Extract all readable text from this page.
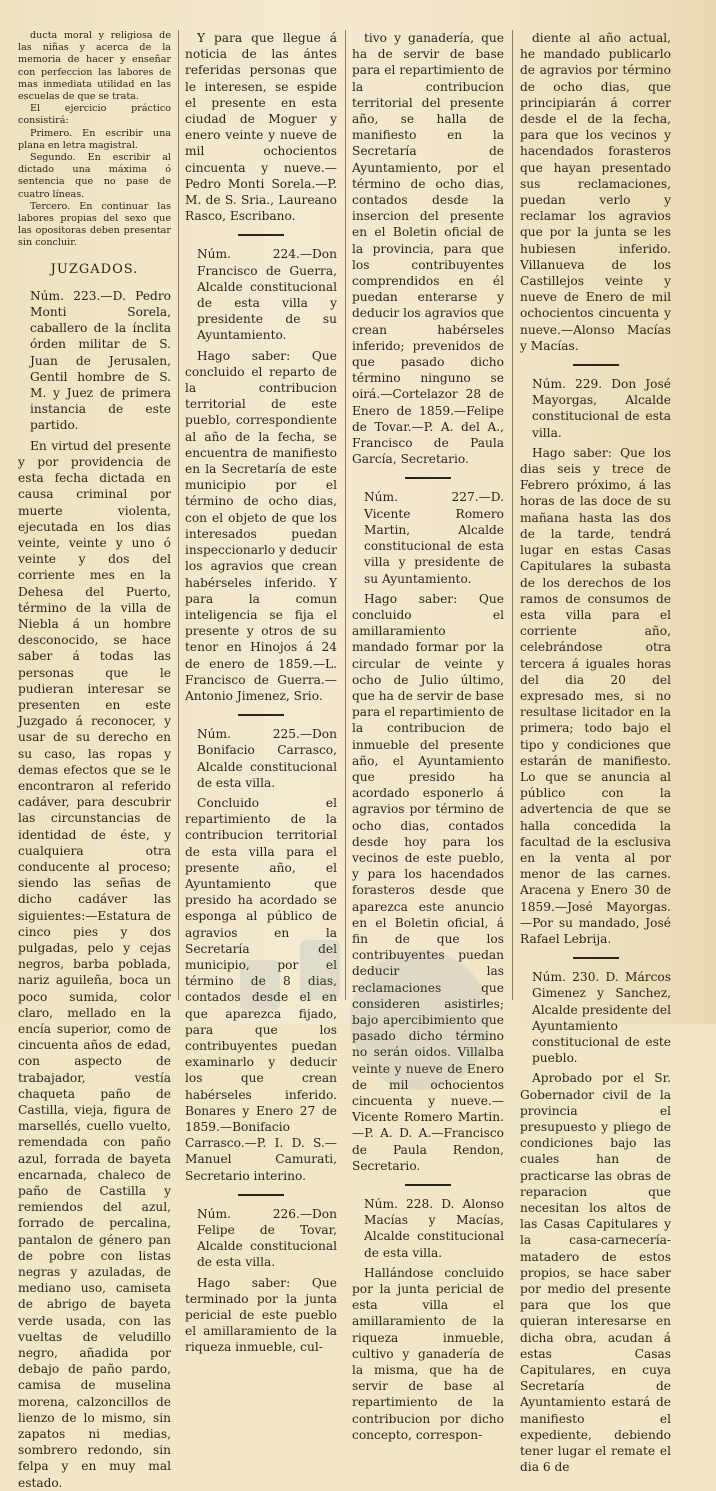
ducta moral y religiosa de las niñas y acerca de la memoria de hacer y enseñar con perfeccion las labores de mas inmediata utilidad en las escuelas de que se trata.

El ejercicio práctico consistirá:

Primero. En escribir una plana en letra magistral.

Segundo. En escribir al dictado una máxima ó sentencia que no pase de cuatro líneas.

Tercero. En continuar las labores propias del sexo que las opositoras deben presentar sin concluir.

JUZGADOS.

Núm. 223.—D. Pedro Monti Sorela, caballero de la ínclita órden militar de S. Juan de Jerusalen, Gentil hombre de S. M. y Juez de primera instancia de este partido.

En virtud del presente y por providencia de esta fecha dictada en causa criminal por muerte violenta, ejecutada en los dias veinte, veinte y uno ó veinte y dos del corriente mes en la Dehesa del Puerto, término de la villa de Niebla á un hombre desconocido, se hace saber á todas las personas que le pudieran interesar se presenten en este Juzgado á reconocer, y usar de su derecho en su caso, las ropas y demas efectos que se le encontraron al referido cadáver, para descubrir las circunstancias de identidad de éste, y cualquiera otra conducente al proceso; siendo las señas de dicho cadáver las siguientes:—Estatura de cinco pies y dos pulgadas, pelo y cejas negros, barba poblada, nariz aguileña, boca un poco sumida, color claro, mellado en la encía superior, como de cincuenta años de edad, con aspecto de trabajador, vestía chaqueta paño de Castilla, vieja, figura de marsellés, cuello vuelto, remendada con paño azul, forrada de bayeta encarnada, chaleco de paño de Castilla y remiendos del azul, forrado de percalina, pantalon de género pan de pobre con listas negras y azuladas, de mediano uso, camiseta de abrigo de bayeta verde usada, con las vueltas de veludillo negro, añadida por debajo de paño pardo, camisa de muselina morena, calzoncillos de lienzo de lo mismo, sin zapatos ni medias, sombrero redondo, sin felpa y en muy mal estado.

Y para que llegue á noticia de las ántes referidas personas que le interesen, se espide el presente en esta ciudad de Moguer y enero veinte y nueve de mil ochocientos cincuenta y nueve.—Pedro Monti Sorela.—P. M. de S. Sria., Laureano Rasco, Escribano.

Núm. 224.—Don Francisco de Guerra, Alcalde constitucional de esta villa y presidente de su Ayuntamiento.

Hago saber: Que concluido el reparto de la contribucion territorial de este pueblo, correspondiente al año de la fecha, se encuentra de manifiesto en la Secretaría de este municipio por el término de ocho dias, con el objeto de que los interesados puedan inspeccionarlo y deducir los agravios que crean habérseles inferido. Y para la comun inteligencia se fija el presente y otros de su tenor en Hinojos á 24 de enero de 1859.—L. Francisco de Guerra.—Antonio Jimenez, Srio.

Núm. 225.—Don Bonifacio Carrasco, Alcalde constitucional de esta villa.

Concluido el repartimiento de la contribucion territorial de esta villa para el presente año, el Ayuntamiento que presido ha acordado se esponga al público de agravios en la Secretaría del municipio, por el término de 8 dias, contados desde el en que aparezca fijado, para que los contribuyentes puedan examinarlo y deducir los que crean habérseles inferido. Bonares y Enero 27 de 1859.—Bonifacio Carrasco.—P. I. D. S.—Manuel Camurati, Secretario interino.

Núm. 226.—Don Felipe de Tovar, Alcalde constitucional de esta villa.

Hago saber: Que terminado por la junta pericial de este pueblo el amillaramiento de la riqueza inmueble, cul-

tivo y ganadería, que ha de servir de base para el repartimiento de la contribucion territorial del presente año, se halla de manifiesto en la Secretaría de Ayuntamiento, por el término de ocho dias, contados desde la insercion del presente en el Boletin oficial de la provincia, para que los contribuyentes comprendidos en él puedan enterarse y deducir los agravios que crean habérseles inferido; prevenidos de que pasado dicho término ninguno se oirá.—Cortelazor 28 de Enero de 1859.—Felipe de Tovar.—P. A. del A., Francisco de Paula García, Secretario.

Núm. 227.—D. Vicente Romero Martin, Alcalde constitucional de esta villa y presidente de su Ayuntamiento.

Hago saber: Que concluido el amillaramiento mandado formar por la circular de veinte y ocho de Julio último, que ha de servir de base para el repartimiento de la contribucion de inmueble del presente año, el Ayuntamiento que presido ha acordado esponerlo á agravios por término de ocho dias, contados desde hoy para los vecinos de este pueblo, y para los hacendados forasteros desde que aparezca este anuncio en el Boletin oficial, á fin de que los contribuyentes puedan deducir las reclamaciones que consideren asistirles; bajo apercibimiento que pasado dicho término no serán oidos. Villalba veinte y nueve de Enero de mil ochocientos cincuenta y nueve.—Vicente Romero Martin.—P. A. D. A.—Francisco de Paula Rendon, Secretario.

Núm. 228. D. Alonso Macías y Macías, Alcalde constitucional de esta villa.

Hallándose concluido por la junta pericial de esta villa el amillaramiento de la riqueza inmueble, cultivo y ganadería de la misma, que ha de servir de base al repartimiento de la contribucion por dicho concepto, correspon-

diente al año actual, he mandado publicarlo de agravios por término de ocho dias, que principiarán á correr desde el de la fecha, para que los vecinos y hacendados forasteros que hayan presentado sus reclamaciones, puedan verlo y reclamar los agravios que por la junta se les hubiesen inferido. Villanueva de los Castillejos veinte y nueve de Enero de mil ochocientos cincuenta y nueve.—Alonso Macías y Macías.

Núm. 229. Don José Mayorgas, Alcalde constitucional de esta villa.

Hago saber: Que los dias seis y trece de Febrero próximo, á las horas de las doce de su mañana hasta las dos de la tarde, tendrá lugar en estas Casas Capitulares la subasta de los derechos de los ramos de consumos de esta villa para el corriente año, celebrándose otra tercera á iguales horas del dia 20 del expresado mes, si no resultase licitador en la primera; todo bajo el tipo y condiciones que estarán de manifiesto. Lo que se anuncia al público con la advertencia de que se halla concedida la facultad de la esclusiva en la venta al por menor de las carnes. Aracena y Enero 30 de 1859.—José Mayorgas.—Por su mandado, José Rafael Lebrija.

Núm. 230. D. Márcos Gimenez y Sanchez, Alcalde presidente del Ayuntamiento constitucional de este pueblo.

Aprobado por el Sr. Gobernador civil de la provincia el presupuesto y pliego de condiciones bajo las cuales han de practicarse las obras de reparacion que necesitan los altos de las Casas Capitulares y la casa-carnecería-matadero de estos propios, se hace saber por medio del presente para que los que quieran interesarse en dicha obra, acudan á estas Casas Capitulares, en cuya Secretaría de Ayuntamiento estará de manifiesto el expediente, debiendo tener lugar el remate el dia 6 de
